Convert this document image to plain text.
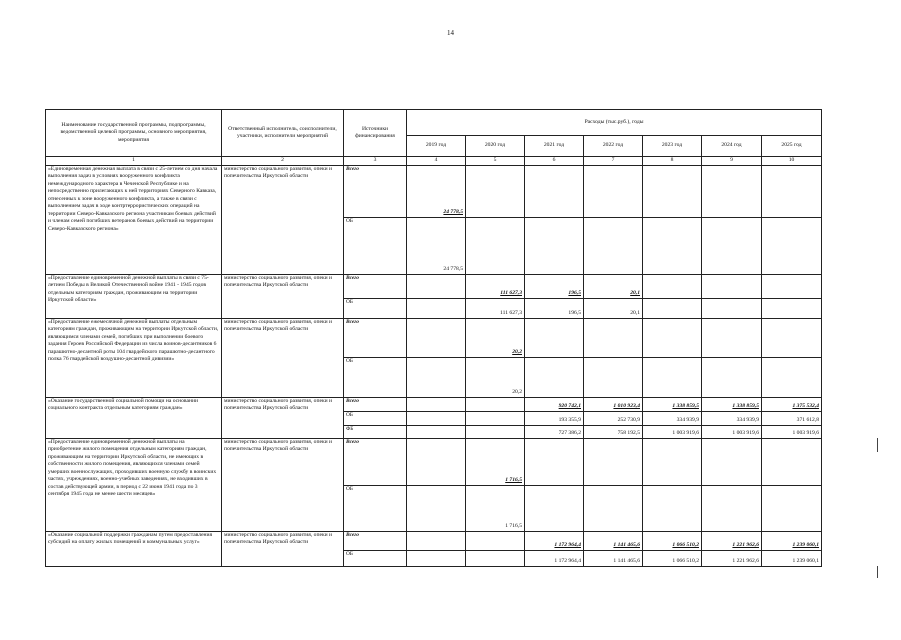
14
Наименование государственной программы, подпрограммы, ведомственной целевой программы, основного мероприятия, мероприятия	Ответственный исполнитель, соисполнители, участники, исполнители мероприятий	Источники финансирования	Расходы (тыс.руб.), годы						
			2019 год	2020 год	2021 год	2022 год	2023 год	2024 год	2025 год
1	2	3	4	5	6	7	8	9	10
«Единовременная денежная выплата в связи с 25-летием со дня начала выполнения задач в условиях вооруженного конфликта немеждународного характера в Чеченской Республике и на непосредственно прилегающих к ней территориях Северного Кавказа, отнесенных к зоне вооруженного конфликта, а также в связи с выполнением задач в ходе контртеррористических операций на территории Северо-Кавказского региона участникам боевых действий и членам семей погибших ветеранов боевых действий на территории Северо-Кавказского региона»	министерство социального развития, опеки и попечительства Иркутской области	Всего	24 778,5						
		ОБ	24 778,5						
«Предоставление единовременной денежной выплаты в связи с 75-летием Победы в Великой Отечественной войне 1941 - 1945 годов отдельным категориям граждан, проживающим на территории Иркутской области»	министерство социального развития, опеки и попечительства Иркутской области	Всего		111 627,3	196,5	20,1			
		ОБ		111 627,3	196,5	20,1			
«Предоставление ежемесячной денежной выплаты отдельным категориям граждан, проживающим на территории Иркутской области, являющимся членами семей, погибших при выполнении боевого задания Героев Российской Федерации из числа воинов-десантников 6 парашютно-десантной роты 104 гвардейского парашютно-десантного полка 76 гвардейской воздушно-десантной дивизии»	министерство социального развития, опеки и попечительства Иркутской области	Всего		20,2					
		ОБ		20,2					
«Оказание государственной социальной помощи на основании социального контракта отдельным категориям граждан»	министерство социального развития, опеки и попечительства Иркутской области	Всего			920 742,1	1 010 923,4	1 338 859,5	1 338 859,5	1 375 532,4
		ОБ			193 355,9	252 730,9	334 939,9	334 939,9	371 612,8
		ФБ			727 386,2	758 192,5	1 003 919,6	1 003 919,6	1 003 919,6
«Предоставление единовременной денежной выплаты на приобретение жилого помещения отдельным категориям граждан, проживающим на территории Иркутской области, не имеющих в собственности жилого помещения, являющихся членами семей умерших военнослужащих, проходивших военную службу в воинских частях, учреждениях, военно-учебных заведениях, не входивших в состав действующей армии, в период с 22 июня 1941 года по 3 сентября 1945 года не менее шести месяцев»	министерство социального развития, опеки и попечительства Иркутской области	Всего		1 716,5					
		ОБ		1 716,5					
«Оказание социальной поддержки гражданам путем предоставления субсидий на оплату жилых помещений и коммунальных услуг»	министерство социального развития, опеки и попечительства Иркутской области	Всего			1 172 964,4	1 141 465,6	1 066 510,2	1 221 962,6	1 239 060,1
		ОБ			1 172 964,4	1 141 465,6	1 066 510,2	1 221 962,6	1 239 060,1
